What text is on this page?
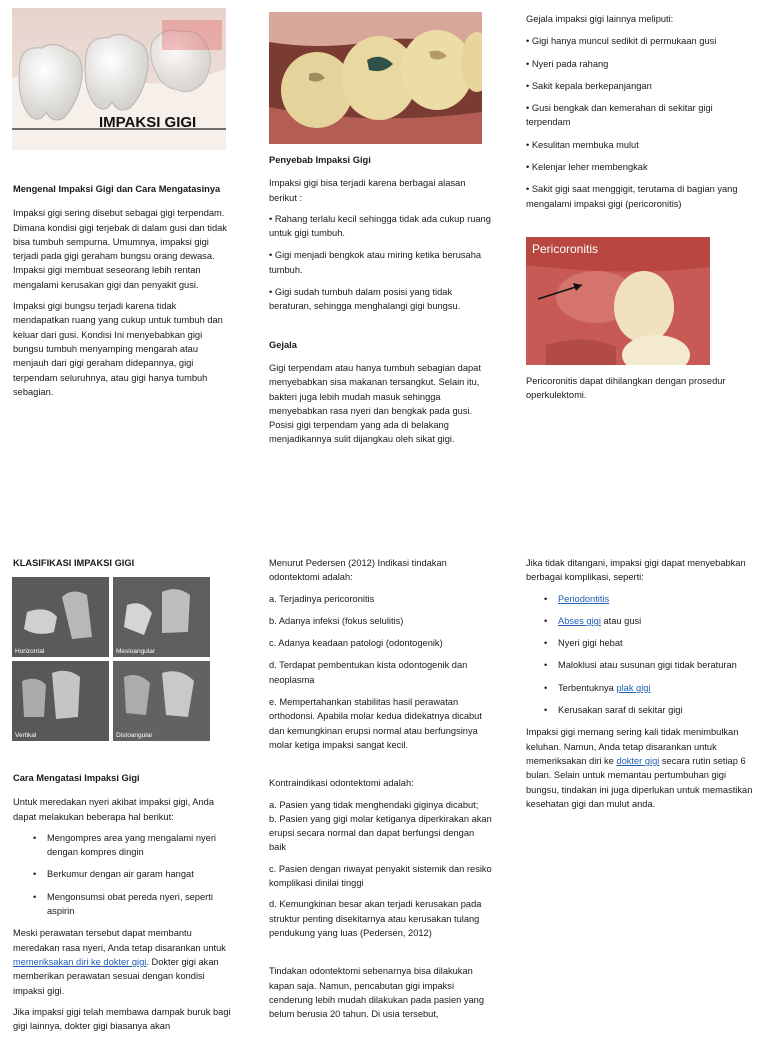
IMPAKSI GIGI

Mengenal Impaksi Gigi dan Cara Mengatasinya

Impaksi gigi sering disebut sebagai gigi terpendam. Dimana kondisi gigi terjebak di dalam gusi dan tidak bisa tumbuh sempurna. Umumnya, impaksi gigi terjadi pada gigi geraham bungsu orang dewasa. Impaksi gigi membuat seseorang lebih rentan mengalami kerusakan gigi dan penyakit gusi.

Impaksi gigi bungsu terjadi karena tidak mendapatkan ruang yang cukup untuk tumbuh dan keluar dari gusi. Kondisi Ini menyebabkan gigi bungsu tumbuh menyamping mengarah atau menjauh dari gigi geraham didepannya, gigi terpendam seluruhnya, atau gigi hanya tumbuh sebagian.

KLASIFIKASI IMPAKSI GIGI

Horizontal	Mesioangular
Vertikal	Distoangular

Cara Mengatasi Impaksi Gigi

Untuk meredakan nyeri akibat impaksi gigi, Anda dapat melakukan beberapa hal berikut:

• Mengompres area yang mengalami nyeri dengan kompres dingin
• Berkumur dengan air garam hangat
• Mengonsumsi obat pereda nyeri, seperti aspirin

Meski perawatan tersebut dapat membantu meredakan rasa nyeri, Anda tetap disarankan untuk memeriksakan diri ke dokter gigi. Dokter gigi akan memberikan perawatan sesuai dengan kondisi impaksi gigi.

Jika impaksi gigi telah membawa dampak buruk bagi gigi lainnya, dokter gigi biasanya akan

Penyebab Impaksi Gigi

Impaksi gigi bisa terjadi karena berbagai alasan berikut :

• Rahang terlalu kecil sehingga tidak ada cukup ruang untuk gigi tumbuh.

• Gigi menjadi bengkok atau miring ketika berusaha tumbuh.

• Gigi sudah tumbuh dalam posisi yang tidak beraturan, sehingga menghalangi gigi bungsu.

Gejala

Gigi terpendam atau hanya tumbuh sebagian dapat menyebabkan sisa makanan tersangkut. Selain itu, bakteri juga lebih mudah masuk sehingga menyebabkan rasa nyeri dan bengkak pada gusi. Posisi gigi terpendam yang ada di belakang menjadikannya sulit dijangkau oleh sikat gigi.

Menurut Pedersen (2012) Indikasi tindakan odontektomi adalah:

a. Terjadinya pericoronitis

b. Adanya infeksi (fokus selulitis)

c. Adanya keadaan patologi (odontogenik)

d. Terdapat pembentukan kista odontogenik dan neoplasma

e. Mempertahankan stabilitas hasil perawatan orthodonsi. Apabila molar kedua didekatnya dicabut dan kemungkinan erupsi normal atau berfungsinya molar ketiga impaksi sangat kecil.

Kontraindikasi odontektomi adalah:

a. Pasien yang tidak menghendaki giginya dicabut;
b. Pasien yang gigi molar ketiganya diperkirakan akan erupsi secara normal dan dapat berfungsi dengan baik

c. Pasien dengan riwayat penyakit sistemik dan resiko komplikasi dinilai tinggi

d. Kemungkinan besar akan terjadi kerusakan pada struktur penting disekitarnya atau kerusakan tulang pendukung yang luas (Pedersen, 2012)

Tindakan odontektomi sebenarnya bisa dilakukan kapan saja. Namun, pencabutan gigi impaksi cenderung lebih mudah dilakukan pada pasien yang belum berusia 20 tahun. Di usia tersebut,

Gejala impaksi gigi lainnya meliputi:

• Gigi hanya muncul sedikit di permukaan gusi

• Nyeri pada rahang

• Sakit kepala berkepanjangan

• Gusi bengkak dan kemerahan di sekitar gigi terpendam

• Kesulitan membuka mulut

• Kelenjar leher membengkak

• Sakit gigi saat menggigit, terutama di bagian yang mengalami impaksi gigi (pericoronitis)

Pericoronitis

Pericoronitis dapat dihilangkan dengan prosedur operkulektomi.

Jika tidak ditangani, impaksi gigi dapat menyebabkan berbagai komplikasi, seperti:

• Periodontitis
• Abses gigi atau gusi
• Nyeri gigi hebat
• Maloklusi atau susunan gigi tidak beraturan
• Terbentuknya plak gigi
• Kerusakan saraf di sekitar gigi

Impaksi gigi memang sering kali tidak menimbulkan keluhan. Namun, Anda tetap disarankan untuk memeriksakan diri ke dokter gigi secara rutin setiap 6 bulan. Selain untuk memantau pertumbuhan gigi bungsu, tindakan ini juga diperlukan untuk memastikan kesehatan gigi dan mulut anda.
